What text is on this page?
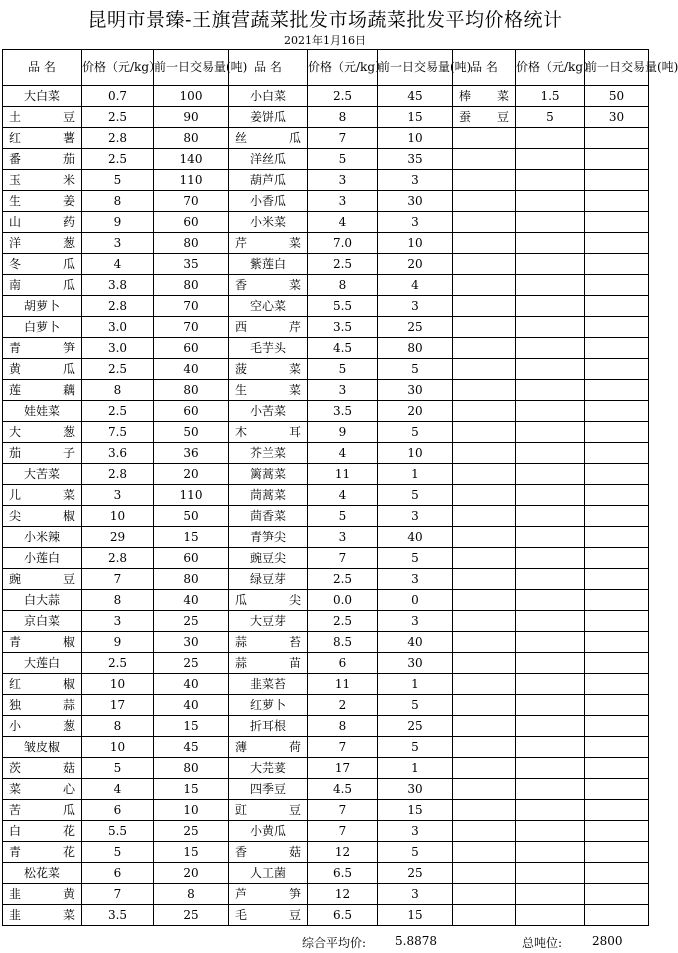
昆明市景臻-王旗营蔬菜批发市场蔬菜批发平均价格统计
2021年1月16日
品 名	价格（元/kg）	前一日交易量(吨)	品 名	价格（元/kg）	前一日交易量(吨)	品 名	价格（元/kg）	前一日交易量(吨)
大白菜	0.7	100	小白菜	2.5	45	棒菜	1.5	50
土豆	2.5	90	姜饼瓜	8	15	蚕豆	5	30
红薯	2.8	80	丝瓜	7	10			
番茄	2.5	140	洋丝瓜	5	35			
玉米	5	110	葫芦瓜	3	3			
生姜	8	70	小香瓜	3	30			
山药	9	60	小米菜	4	3			
洋葱	3	80	芹菜	7.0	10			
冬瓜	4	35	紫莲白	2.5	20			
南瓜	3.8	80	香菜	8	4			
胡萝卜	2.8	70	空心菜	5.5	3			
白萝卜	3.0	70	西芹	3.5	25			
青笋	3.0	60	毛芋头	4.5	80			
黄瓜	2.5	40	菠菜	5	5			
莲藕	8	80	生菜	3	30			
娃娃菜	2.5	60	小苦菜	3.5	20			
大葱	7.5	50	木耳	9	5			
茄子	3.6	36	芥兰菜	4	10			
大苦菜	2.8	20	篱蒿菜	11	1			
儿菜	3	110	茼蒿菜	4	5			
尖椒	10	50	茴香菜	5	3			
小米辣	29	15	青笋尖	3	40			
小莲白	2.8	60	豌豆尖	7	5			
豌豆	7	80	绿豆芽	2.5	3			
白大蒜	8	40	瓜尖	0.0	0			
京白菜	3	25	大豆芽	2.5	3			
青椒	9	30	蒜苔	8.5	40			
大莲白	2.5	25	蒜苗	6	30			
红椒	10	40	韭菜苔	11	1			
独蒜	17	40	红萝卜	2	5			
小葱	8	15	折耳根	8	25			
皱皮椒	10	45	薄荷	7	5			
茨菇	5	80	大芫荽	17	1			
菜心	4	15	四季豆	4.5	30			
苦瓜	6	10	豇豆	7	15			
白花	5.5	25	小黄瓜	7	3			
青花	5	15	香菇	12	5			
松花菜	6	20	人工菌	6.5	25			
韭黄	7	8	芦笋	12	3			
韭菜	3.5	25	毛豆	6.5	15			
综合平均价: 5.8878	总吨位: 2800
